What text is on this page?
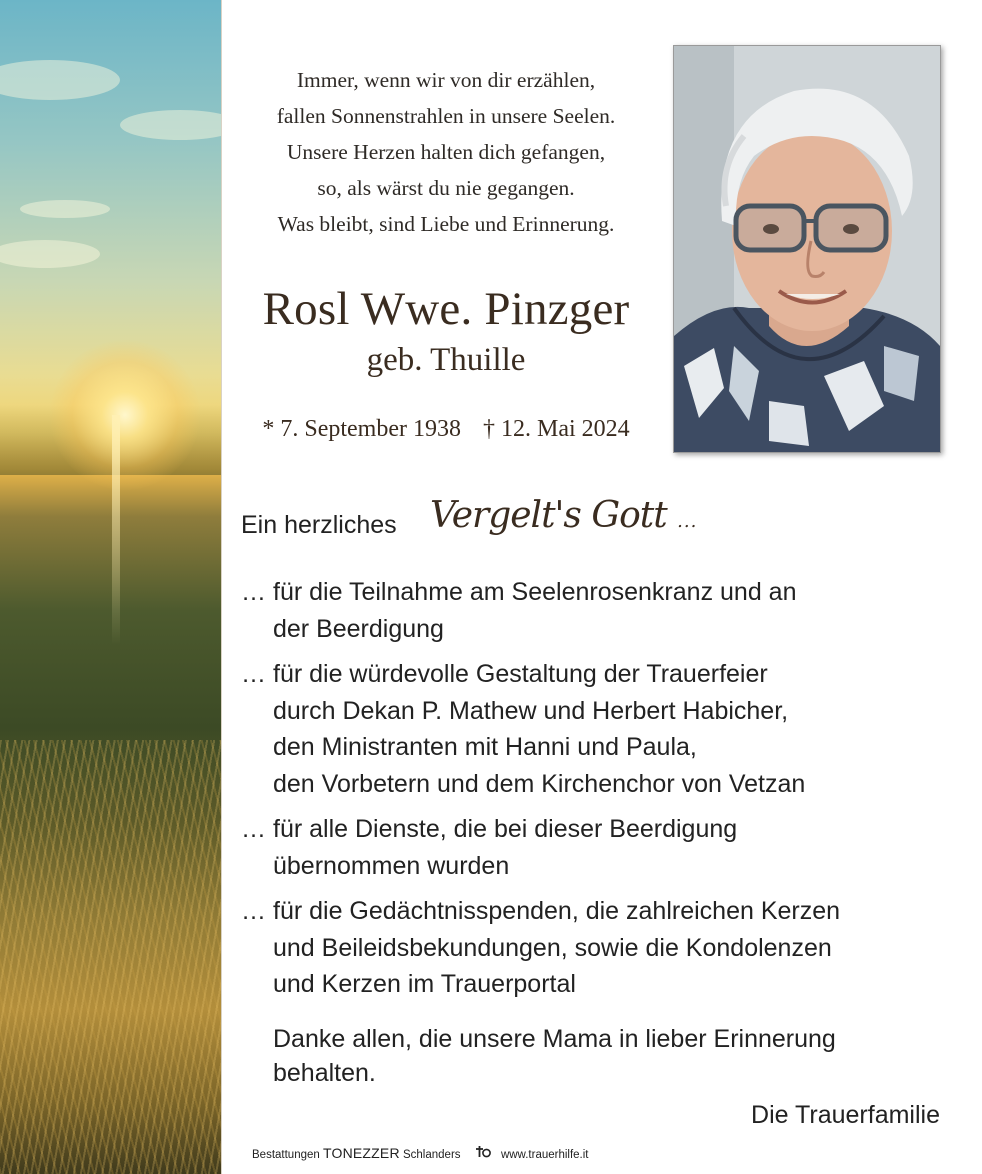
Immer, wenn wir von dir erzählen,
fallen Sonnenstrahlen in unsere Seelen.
Unsere Herzen halten dich gefangen,
so, als wärst du nie gegangen.
Was bleibt, sind Liebe und Erinnerung.
Rosl Wwe. Pinzger
geb. Thuille
* 7. September 1938 † 12. Mai 2024
Ein herzliches Vergelt's Gott ...
… für die Teilnahme am Seelenrosenkranz und an
der Beerdigung
… für die würdevolle Gestaltung der Trauerfeier
durch Dekan P. Mathew und Herbert Habicher,
den Ministranten mit Hanni und Paula,
den Vorbetern und dem Kirchenchor von Vetzan
… für alle Dienste, die bei dieser Beerdigung
übernommen wurden
… für die Gedächtnisspenden, die zahlreichen Kerzen
und Beileidsbekundungen, sowie die Kondolenzen
und Kerzen im Trauerportal
Danke allen, die unsere Mama in lieber Erinnerung
behalten.
Die Trauerfamilie
Bestattungen TONEZZER Schlanders	www.trauerhilfe.it
